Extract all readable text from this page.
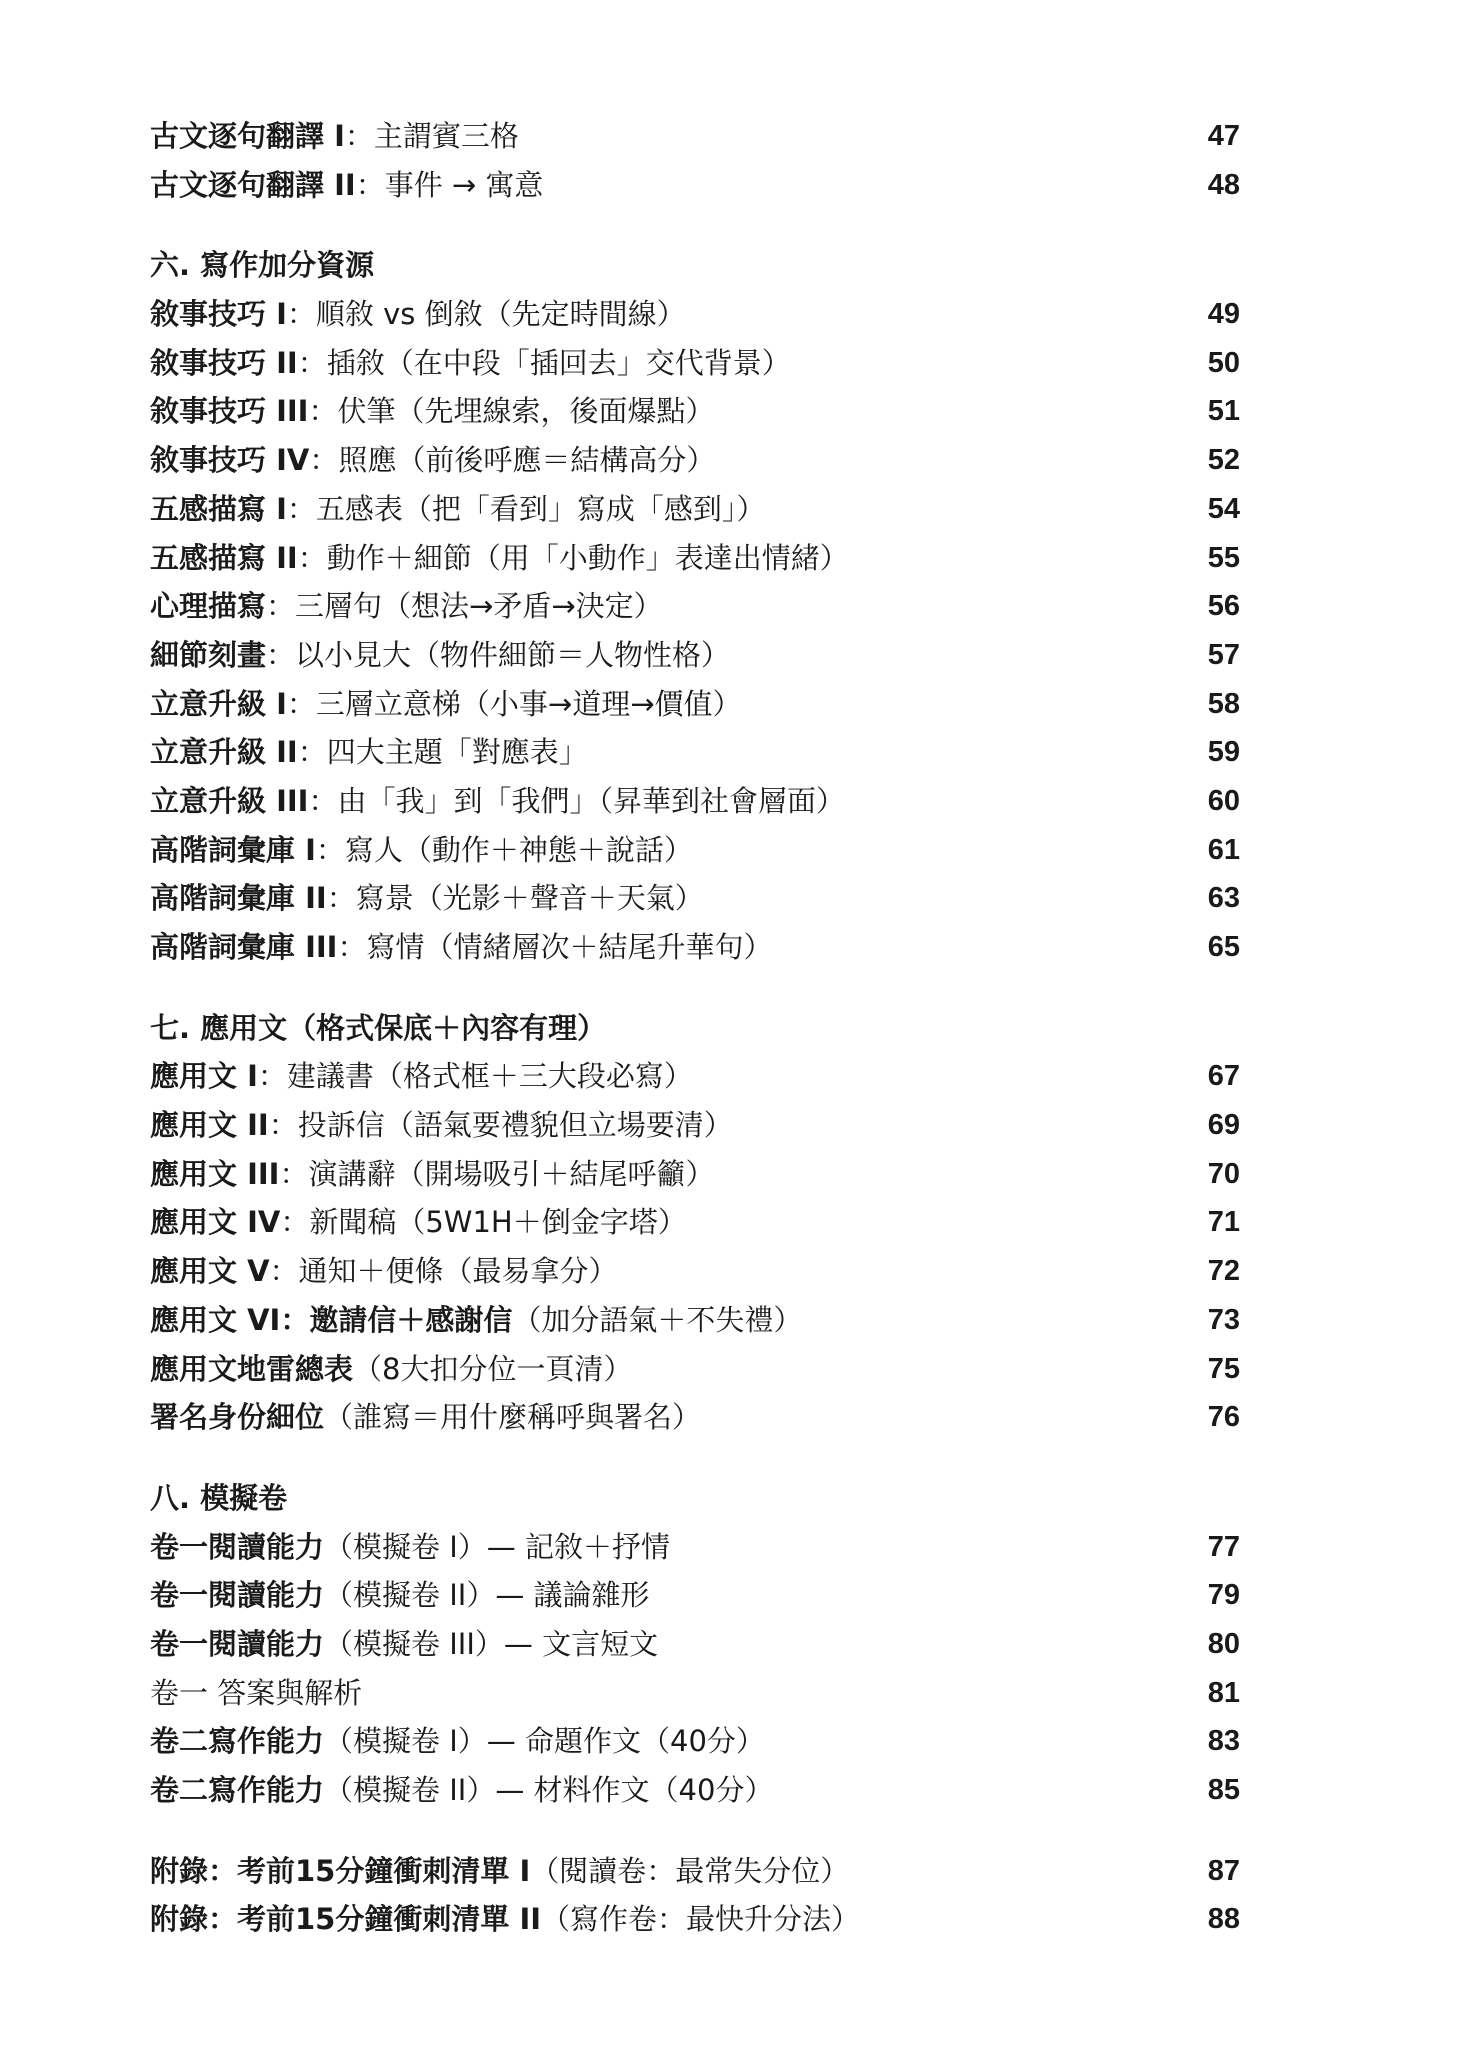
古文逐句翻譯 I：主謂賓三格	47
古文逐句翻譯 II：事件 → 寓意	48
六. 寫作加分資源
敘事技巧 I：順敘 vs 倒敘（先定時間線）	49
敘事技巧 II：插敘（在中段「插回去」交代背景）	50
敘事技巧 III：伏筆（先埋線索，後面爆點）	51
敘事技巧 IV：照應（前後呼應＝結構高分）	52
五感描寫 I：五感表（把「看到」寫成「感到」）	54
五感描寫 II：動作＋細節（用「小動作」表達出情緒）	55
心理描寫：三層句（想法→矛盾→決定）	56
細節刻畫：以小見大（物件細節＝人物性格）	57
立意升級 I：三層立意梯（小事→道理→價值）	58
立意升級 II：四大主題「對應表」	59
立意升級 III：由「我」到「我們」（昇華到社會層面）	60
高階詞彙庫 I：寫人（動作＋神態＋說話）	61
高階詞彙庫 II：寫景（光影＋聲音＋天氣）	63
高階詞彙庫 III：寫情（情緒層次＋結尾升華句）	65
七. 應用文（格式保底＋內容有理）
應用文 I：建議書（格式框＋三大段必寫）	67
應用文 II：投訴信（語氣要禮貌但立場要清）	69
應用文 III：演講辭（開場吸引＋結尾呼籲）	70
應用文 IV：新聞稿（5W1H＋倒金字塔）	71
應用文 V：通知＋便條（最易拿分）	72
應用文 VI：邀請信＋感謝信（加分語氣＋不失禮）	73
應用文地雷總表（8大扣分位一頁清）	75
署名身份細位（誰寫＝用什麼稱呼與署名）	76
八. 模擬卷
卷一閱讀能力（模擬卷 I）— 記敘＋抒情	77
卷一閱讀能力（模擬卷 II）— 議論雜形	79
卷一閱讀能力（模擬卷 III）— 文言短文	80
卷一 答案與解析	81
卷二寫作能力（模擬卷 I）— 命題作文（40分）	83
卷二寫作能力（模擬卷 II）— 材料作文（40分）	85
附錄：考前15分鐘衝刺清單 I（閱讀卷：最常失分位）	87
附錄：考前15分鐘衝刺清單 II（寫作卷：最快升分法）	88
